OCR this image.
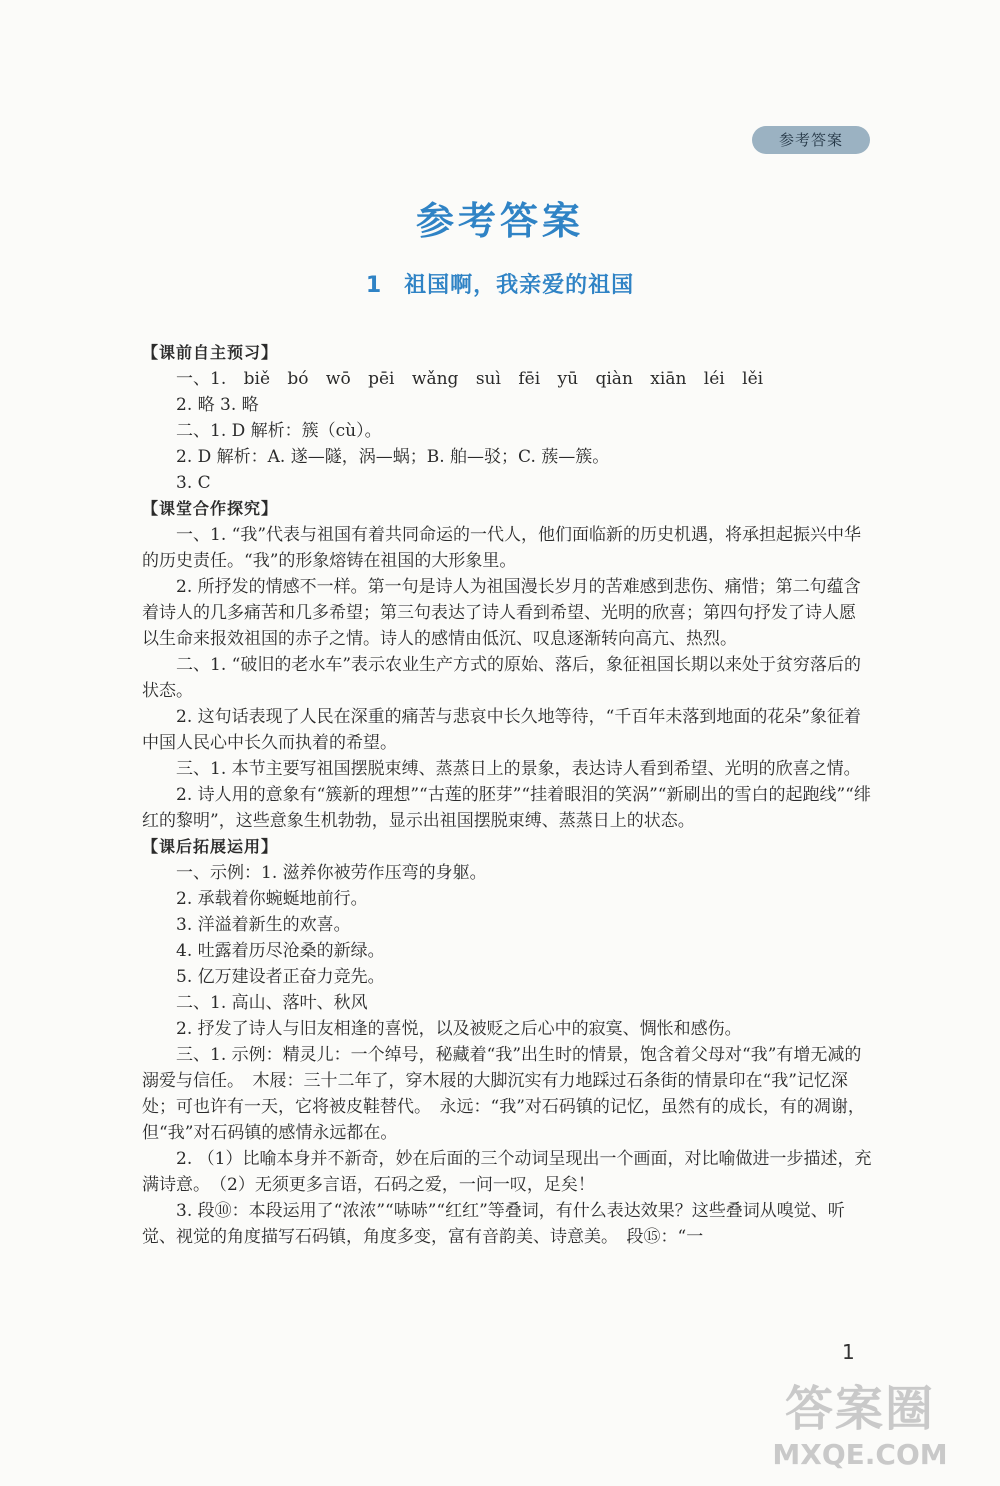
参考答案
参考答案
1 祖国啊，我亲爱的祖国

【课前自主预习】

一、1. biě bó wō pēi wǎng suì fēi yū qiàn xiān léi lěi

2. 略 3. 略

二、1. D 解析：簇（cù）。

2. D 解析：A. 遂—隧，涡—蜗；B. 舶—驳；C. 蔟—簇。

3. C

【课堂合作探究】

一、1. “我”代表与祖国有着共同命运的一代人，他们面临新的历史机遇，将承担起振兴中华的历史责任。“我”的形象熔铸在祖国的大形象里。

2. 所抒发的情感不一样。第一句是诗人为祖国漫长岁月的苦难感到悲伤、痛惜；第二句蕴含着诗人的几多痛苦和几多希望；第三句表达了诗人看到希望、光明的欣喜；第四句抒发了诗人愿以生命来报效祖国的赤子之情。诗人的感情由低沉、叹息逐渐转向高亢、热烈。

二、1. “破旧的老水车”表示农业生产方式的原始、落后，象征祖国长期以来处于贫穷落后的状态。

2. 这句话表现了人民在深重的痛苦与悲哀中长久地等待，“千百年未落到地面的花朵”象征着中国人民心中长久而执着的希望。

三、1. 本节主要写祖国摆脱束缚、蒸蒸日上的景象，表达诗人看到希望、光明的欣喜之情。

2. 诗人用的意象有“簇新的理想”“古莲的胚芽”“挂着眼泪的笑涡”“新刷出的雪白的起跑线”“绯红的黎明”，这些意象生机勃勃，显示出祖国摆脱束缚、蒸蒸日上的状态。

【课后拓展运用】

一、示例：1. 滋养你被劳作压弯的身躯。

2. 承载着你蜿蜒地前行。

3. 洋溢着新生的欢喜。

4. 吐露着历尽沧桑的新绿。

5. 亿万建设者正奋力竞先。

二、1. 高山、落叶、秋风

2. 抒发了诗人与旧友相逢的喜悦，以及被贬之后心中的寂寞、惆怅和感伤。

三、1. 示例：精灵儿：一个绰号，秘藏着“我”出生时的情景，饱含着父母对“我”有增无减的溺爱与信任。　木屐：三十二年了，穿木屐的大脚沉实有力地踩过石条街的情景印在“我”记忆深处；可也许有一天，它将被皮鞋替代。　永远：“我”对石码镇的记忆，虽然有的成长，有的凋谢，但“我”对石码镇的感情永远都在。

2. （1）比喻本身并不新奇，妙在后面的三个动词呈现出一个画面，对比喻做进一步描述，充满诗意。　（2）无须更多言语，石码之爱，一问一叹，足矣！

3. 段⑩：本段运用了“浓浓”“哧哧”“红红”等叠词，有什么表达效果？这些叠词从嗅觉、听觉、视觉的角度描写石码镇，角度多变，富有音韵美、诗意美。　段⑮：“一

1
答案圈
MXQE.COM
